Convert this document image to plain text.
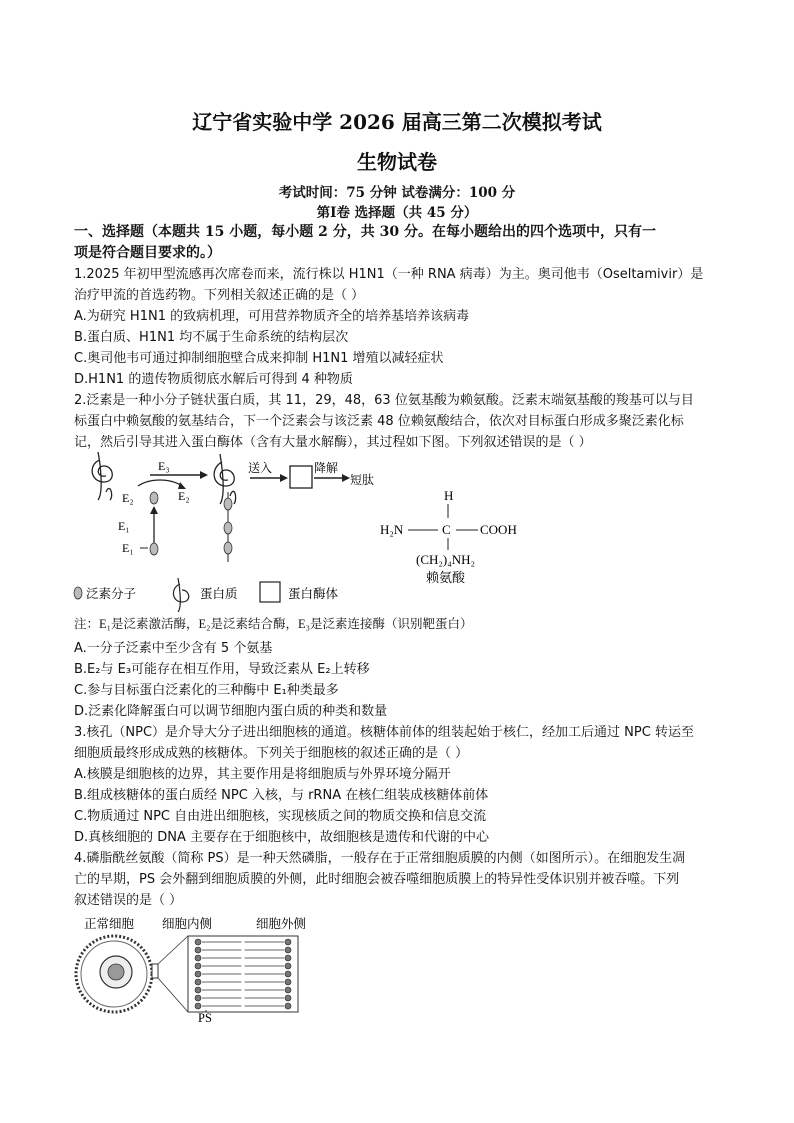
辽宁省实验中学 2026 届高三第二次模拟考试
生物试卷
考试时间：75 分钟 试卷满分：100 分
第Ⅰ卷 选择题（共 45 分）
一、选择题（本题共 15 小题，每小题 2 分，共 30 分。在每小题给出的四个选项中，只有一
项是符合题目要求的。）
1.2025 年初甲型流感再次席卷而来，流行株以 H1N1（一种 RNA 病毒）为主。奥司他韦（Oseltamivir）是
治疗甲流的首选药物。下列相关叙述正确的是（ ）
A.为研究 H1N1 的致病机理，可用营养物质齐全的培养基培养该病毒
B.蛋白质、H1N1 均不属于生命系统的结构层次
C.奥司他韦可通过抑制细胞壁合成来抑制 H1N1 增殖以减轻症状
D.H1N1 的遗传物质彻底水解后可得到 4 种物质
2.泛素是一种小分子链状蛋白质，其 11，29，48，63 位氨基酸为赖氨酸。泛素末端氨基酸的羧基可以与目
标蛋白中赖氨酸的氨基结合，下一个泛素会与该泛素 48 位赖氨酸结合，依次对目标蛋白形成多聚泛素化标
记，然后引导其进入蛋白酶体（含有大量水解酶），其过程如下图。下列叙述错误的是（ ）
E₃
E₂	E₂
E₁
E₁
送入	降解
短肽
H
H₂N	C COOH
(CH₂)₄NH₂
赖氨酸
泛素分子	蛋白质	蛋白酶体
注：E₁是泛素激活酶，E₂是泛素结合酶，E₃是泛素连接酶（识别靶蛋白）
A.一分子泛素中至少含有 5 个氨基
B.E₂与 E₃可能存在相互作用，导致泛素从 E₂上转移
C.参与目标蛋白泛素化的三种酶中 E₁种类最多
D.泛素化降解蛋白可以调节细胞内蛋白质的种类和数量
3.核孔（NPC）是介导大分子进出细胞核的通道。核糖体前体的组装起始于核仁，经加工后通过 NPC 转运至
细胞质最终形成成熟的核糖体。下列关于细胞核的叙述正确的是（ ）
A.核膜是细胞核的边界，其主要作用是将细胞质与外界环境分隔开
B.组成核糖体的蛋白质经 NPC 入核，与 rRNA 在核仁组装成核糖体前体
C.物质通过 NPC 自由进出细胞核，实现核质之间的物质交换和信息交流
D.真核细胞的 DNA 主要存在于细胞核中，故细胞核是遗传和代谢的中心
4.磷脂酰丝氨酸（简称 PS）是一种天然磷脂，一般存在于正常细胞质膜的内侧（如图所示）。在细胞发生凋
亡的早期，PS 会外翻到细胞质膜的外侧，此时细胞会被吞噬细胞质膜上的特异性受体识别并被吞噬。下列
叙述错误的是（ ）
正常细胞 细胞内侧	细胞外侧
PS
